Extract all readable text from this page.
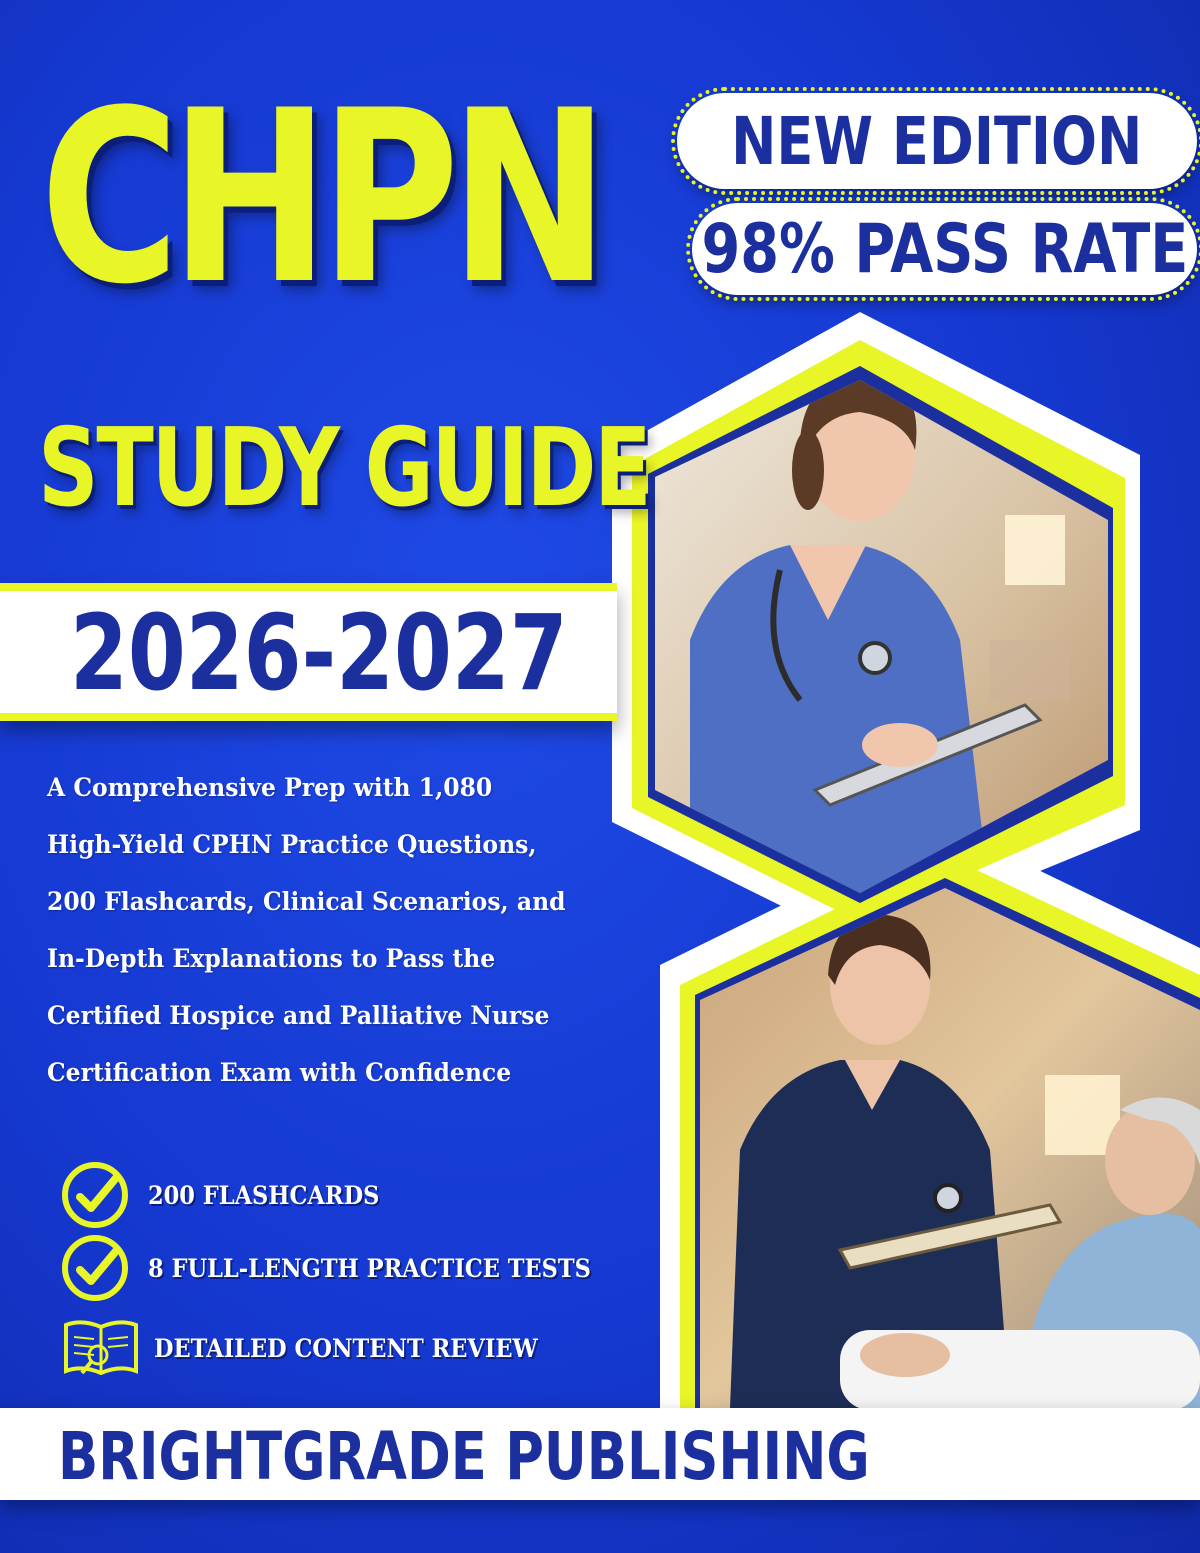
CHPN
STUDY GUIDE
NEW EDITION
98% PASS RATE
2026-2027
A Comprehensive Prep with 1,080
High-Yield CPHN Practice Questions,
200 Flashcards, Clinical Scenarios, and
In-Depth Explanations to Pass the
Certified Hospice and Palliative Nurse
Certification Exam with Confidence
200 FLASHCARDS
8 FULL-LENGTH PRACTICE TESTS
DETAILED CONTENT REVIEW
BRIGHTGRADE PUBLISHING
